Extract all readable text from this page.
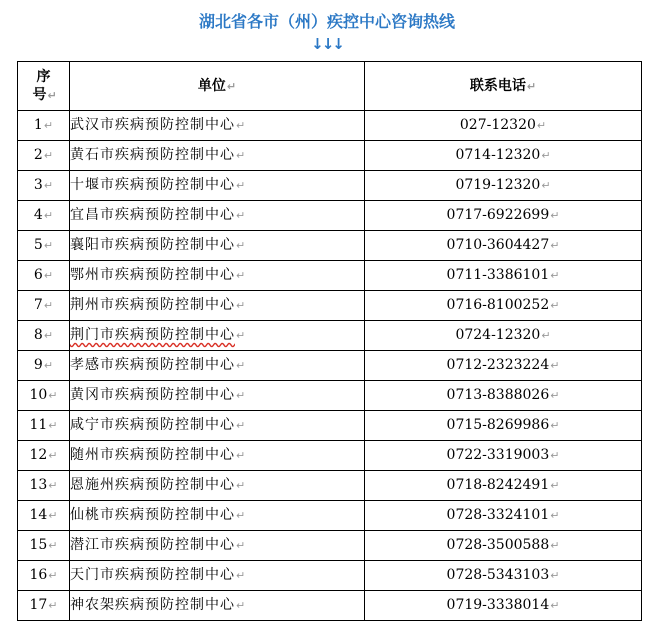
湖北省各市（州）疾控中心咨询热线
↓↓↓
序
号↵	单位↵	联系电话↵
1↵	武汉市疾病预防控制中心↵	027-12320↵
2↵	黄石市疾病预防控制中心↵	0714-12320↵
3↵	十堰市疾病预防控制中心↵	0719-12320↵
4↵	宜昌市疾病预防控制中心↵	0717-6922699↵
5↵	襄阳市疾病预防控制中心↵	0710-3604427↵
6↵	鄂州市疾病预防控制中心↵	0711-3386101↵
7↵	荆州市疾病预防控制中心↵	0716-8100252↵
8↵	荆门市疾病预防控制中心↵	0724-12320↵
9↵	孝感市疾病预防控制中心↵	0712-2323224↵
10↵	黄冈市疾病预防控制中心↵	0713-8388026↵
11↵	咸宁市疾病预防控制中心↵	0715-8269986↵
12↵	随州市疾病预防控制中心↵	0722-3319003↵
13↵	恩施州疾病预防控制中心↵	0718-8242491↵
14↵	仙桃市疾病预防控制中心↵	0728-3324101↵
15↵	潜江市疾病预防控制中心↵	0728-3500588↵
16↵	天门市疾病预防控制中心↵	0728-5343103↵
17↵	神农架疾病预防控制中心↵	0719-3338014↵
